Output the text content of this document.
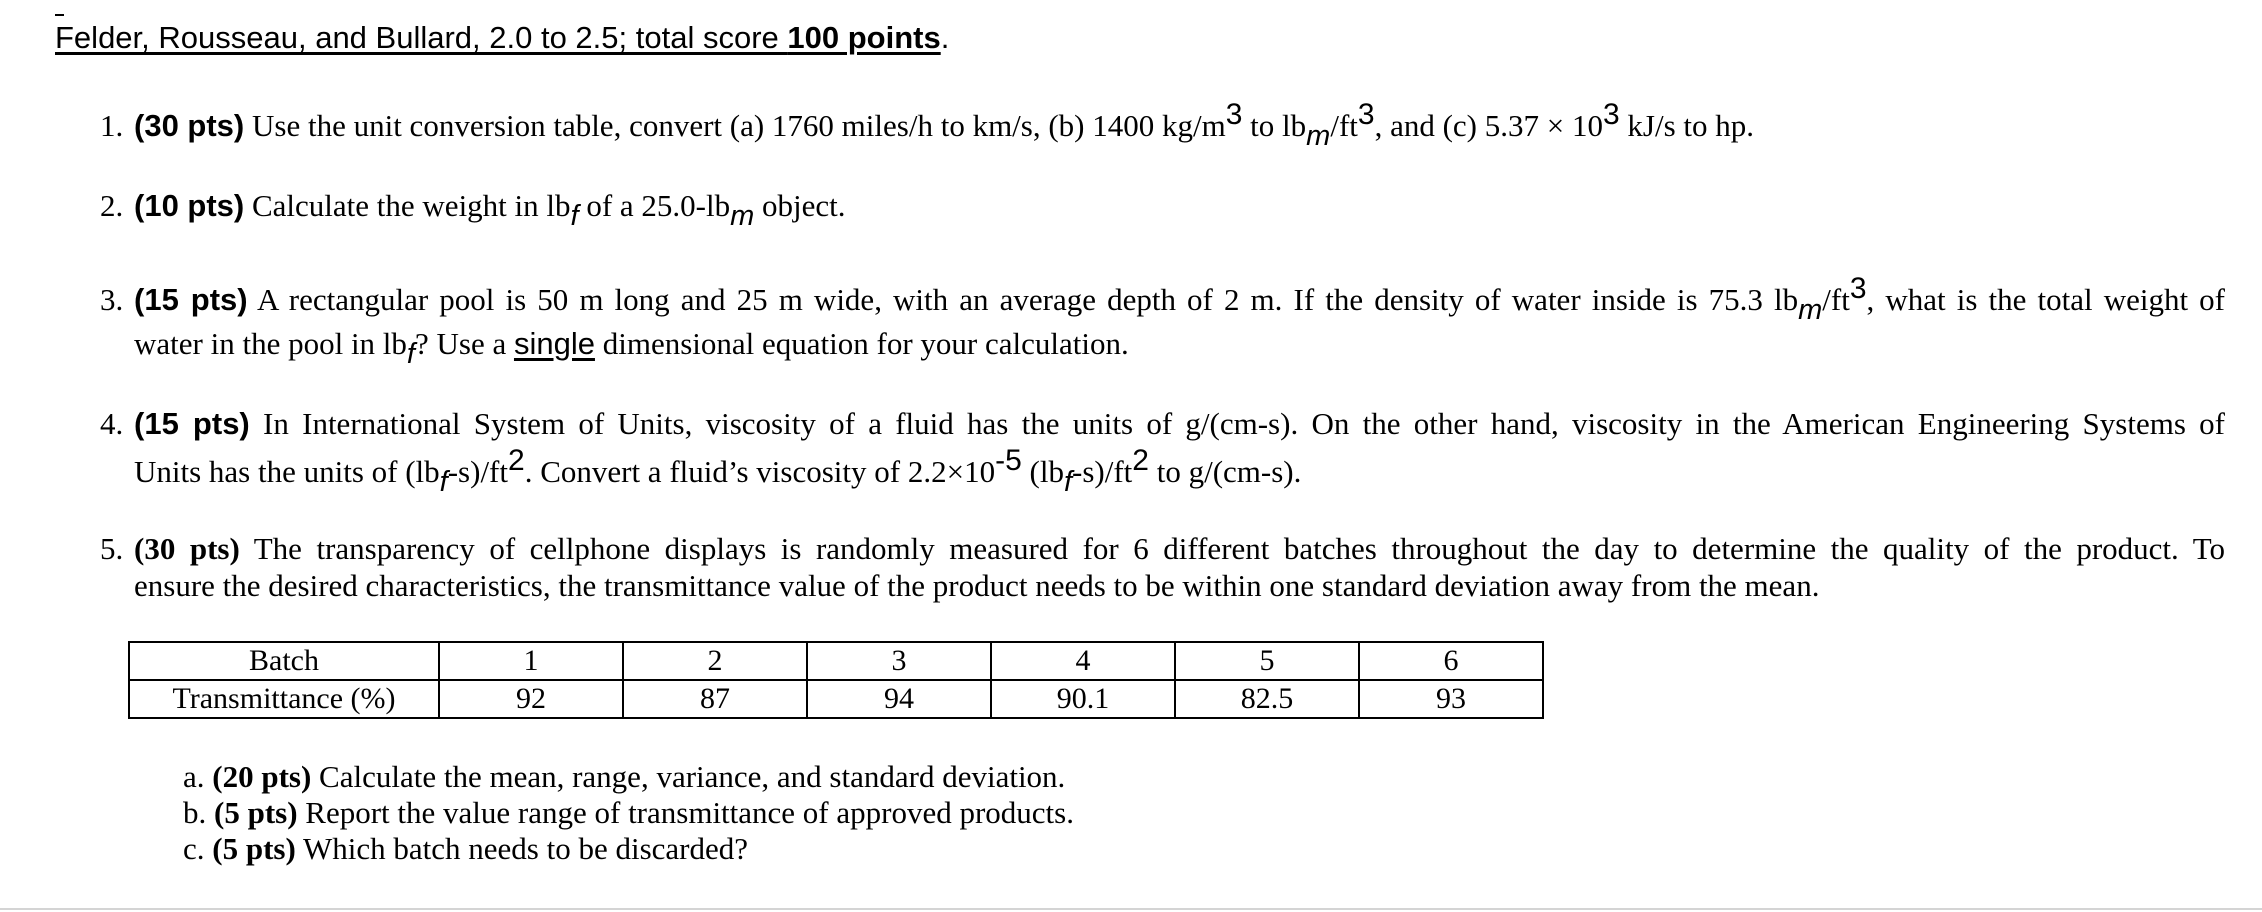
Felder, Rousseau, and Bullard, 2.0 to 2.5; total score 100 points.
1. (30 pts) Use the unit conversion table, convert (a) 1760 miles/h to km/s, (b) 1400 $kg/m^3$ to $lb_m/ft^3$, and (c) $5.37 \times 10^3$ kJ/s to hp.
2. (10 pts) Calculate the weight in $lb_f$ of a $25.0-lb_m$ object.
3. (15 pts) A rectangular pool is 50 m long and 25 m wide, with an average depth of 2 m. If the density of water inside is 75.3 $lb_m/ft^3$, what is the total weight of
water in the pool in $lb_f$? Use a single dimensional equation for your calculation.
4. (15 pts) In International System of Units, viscosity of a fluid has the units of g/(cm-s). On the other hand, viscosity in the American Engineering Systems of
Units has the units of $(lb_f-s)/ft^2$. Convert a fluid’s viscosity of $2.2\times 10^{-5}$ $(lb_f-s)/ft^2$ to g/(cm-s).
5. (30 pts) The transparency of cellphone displays is randomly measured for 6 different batches throughout the day to determine the quality of the product. To
ensure the desired characteristics, the transmittance value of the product needs to be within one standard deviation away from the mean.
Batch	1	2	3	4	5	6
Transmittance (%)	92	87	94	90.1	82.5	93
a. (20 pts) Calculate the mean, range, variance, and standard deviation.
b. (5 pts) Report the value range of transmittance of approved products.
c. (5 pts) Which batch needs to be discarded?
